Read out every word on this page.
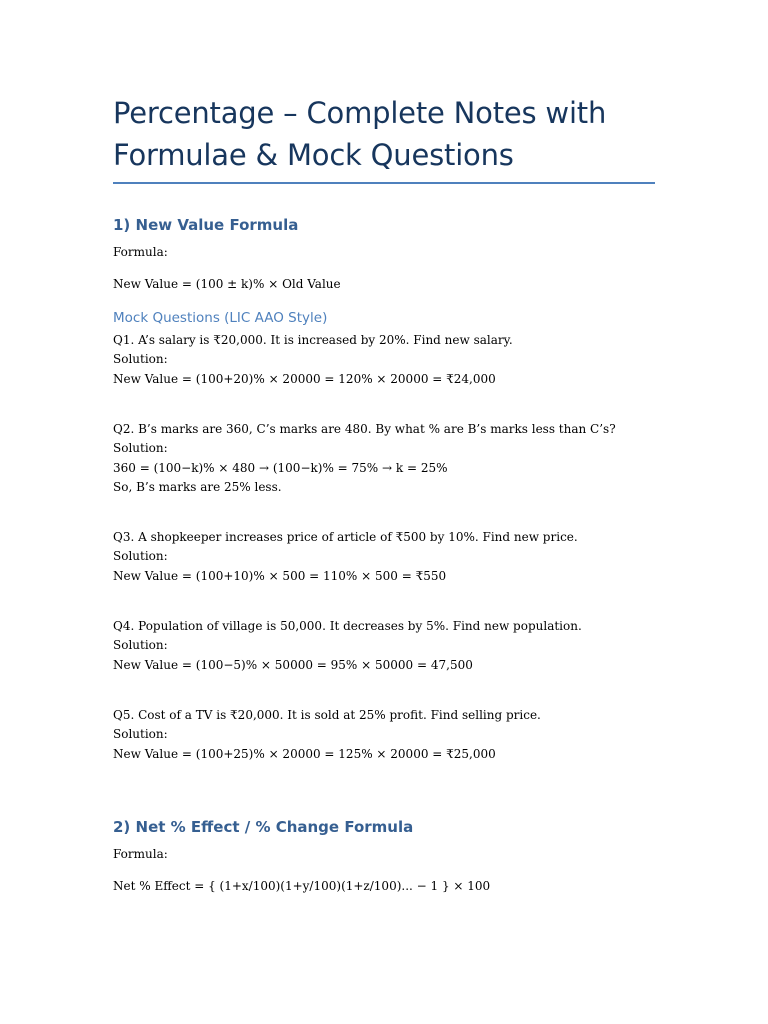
Percentage – Complete Notes with
Formulae & Mock Questions
1) New Value Formula

Formula:

New Value = (100 ± k)% × Old Value

Mock Questions (LIC AAO Style)

Q1. A’s salary is ₹20,000. It is increased by 20%. Find new salary.

Solution:

New Value = (100+20)% × 20000 = 120% × 20000 = ₹24,000

Q2. B’s marks are 360, C’s marks are 480. By what % are B’s marks less than C’s?

Solution:

360 = (100−k)% × 480 → (100−k)% = 75% → k = 25%

So, B’s marks are 25% less.

Q3. A shopkeeper increases price of article of ₹500 by 10%. Find new price.

Solution:

New Value = (100+10)% × 500 = 110% × 500 = ₹550

Q4. Population of village is 50,000. It decreases by 5%. Find new population.

Solution:

New Value = (100−5)% × 50000 = 95% × 50000 = 47,500

Q5. Cost of a TV is ₹20,000. It is sold at 25% profit. Find selling price.

Solution:

New Value = (100+25)% × 20000 = 125% × 20000 = ₹25,000

2) Net % Effect / % Change Formula

Formula:

Net % Effect = { (1+x/100)(1+y/100)(1+z/100)... − 1 } × 100
